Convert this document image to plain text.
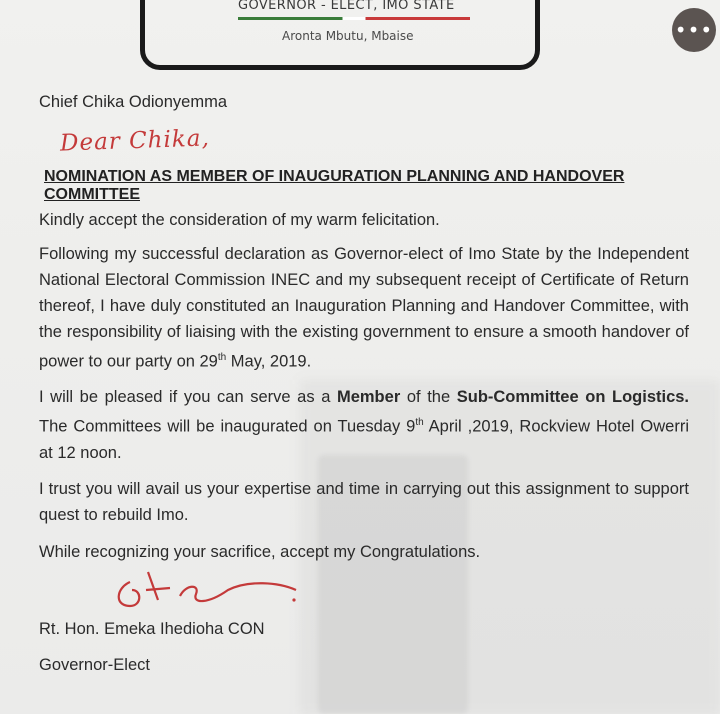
GOVERNOR - ELECT, IMO STATE
Aronta Mbutu, Mbaise	•••
Chief Chika Odionyemma
Dear Chika,
NOMINATION AS MEMBER OF INAUGURATION PLANNING AND HANDOVER COMMITTEE
Kindly accept the consideration of my warm felicitation.
Following my successful declaration as Governor-elect of Imo State by the Independent National Electoral Commission INEC and my subsequent receipt of Certificate of Return thereof, I have duly constituted an Inauguration Planning and Handover Committee, with the responsibility of liaising with the existing government to ensure a smooth handover of power to our party on 29th May, 2019.
I will be pleased if you can serve as a Member of the Sub-Committee on Logistics. The Committees will be inaugurated on Tuesday 9th April ,2019, Rockview Hotel Owerri at 12 noon.
I trust you will avail us your expertise and time in carrying out this assignment to support quest to rebuild Imo.
While recognizing your sacrifice, accept my Congratulations.
Rt. Hon. Emeka Ihedioha CON
Governor-Elect
